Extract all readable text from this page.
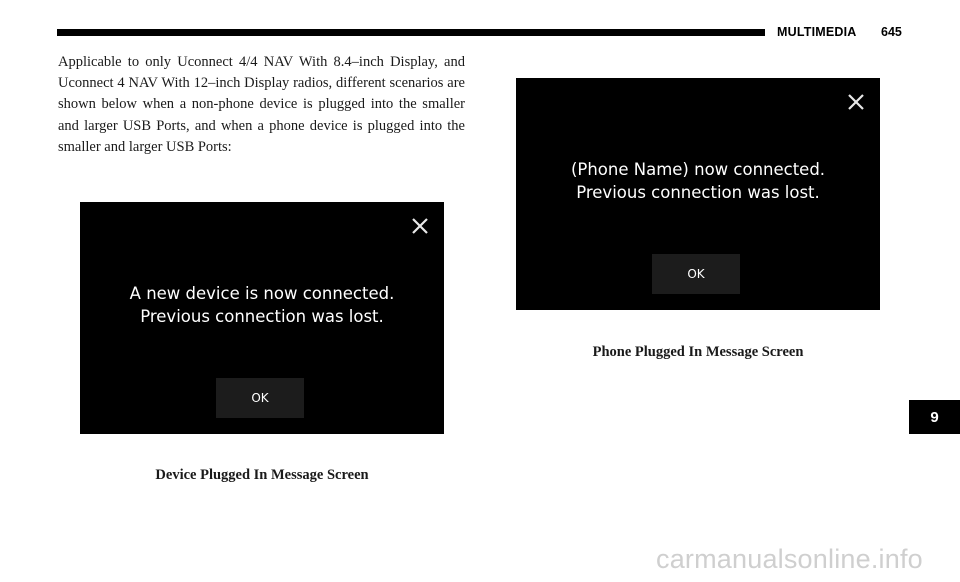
MULTIMEDIA 645

Applicable to only Uconnect 4/4 NAV With 8.4–inch Display, and Uconnect 4 NAV With 12–inch Display radios, different scenarios are shown below when a non-phone device is plugged into the smaller and larger USB Ports, and when a phone device is plugged into the smaller and larger USB Ports:

(Phone Name) now connected.
Previous connection was lost.
OK
Phone Plugged In Message Screen
A new device is now connected.
Previous connection was lost.
OK
Device Plugged In Message Screen
9
carmanualsonline.info
